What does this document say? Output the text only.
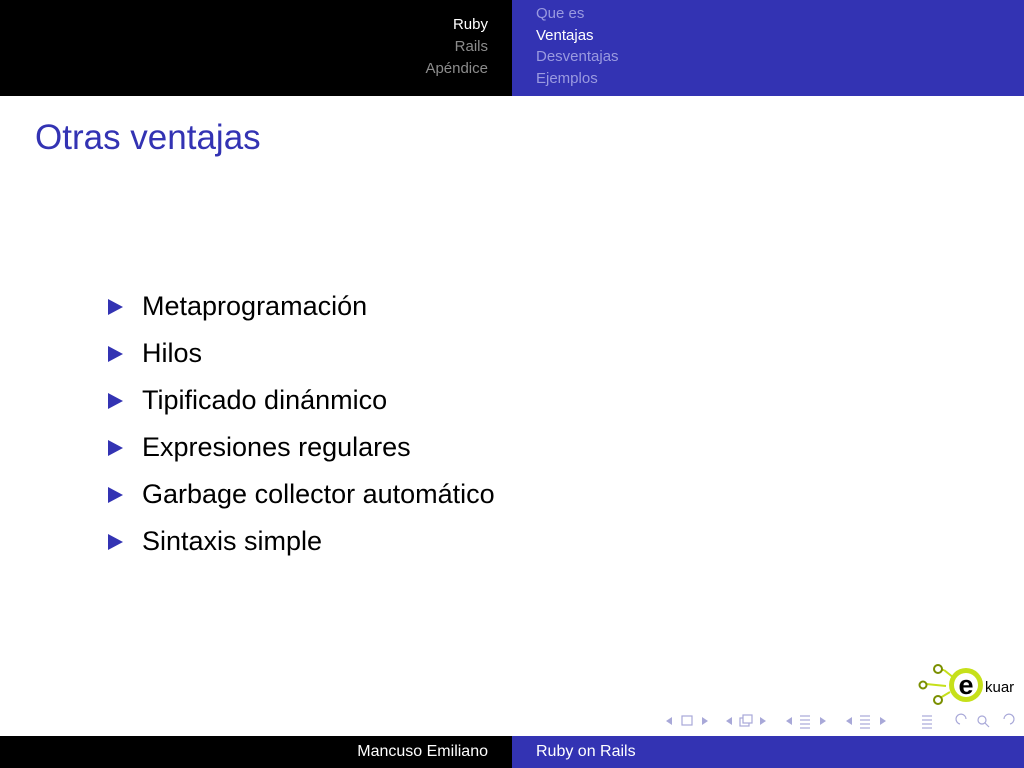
Ruby
Rails
Apéndice
Que es
Ventajas
Desventajas
Ejemplos
Otras ventajas
Metaprogramación
Hilos
Tipificado dinánmico
Expresiones regulares
Garbage collector automático
Sintaxis simple
e kuar
Mancuso Emiliano	Ruby on Rails
